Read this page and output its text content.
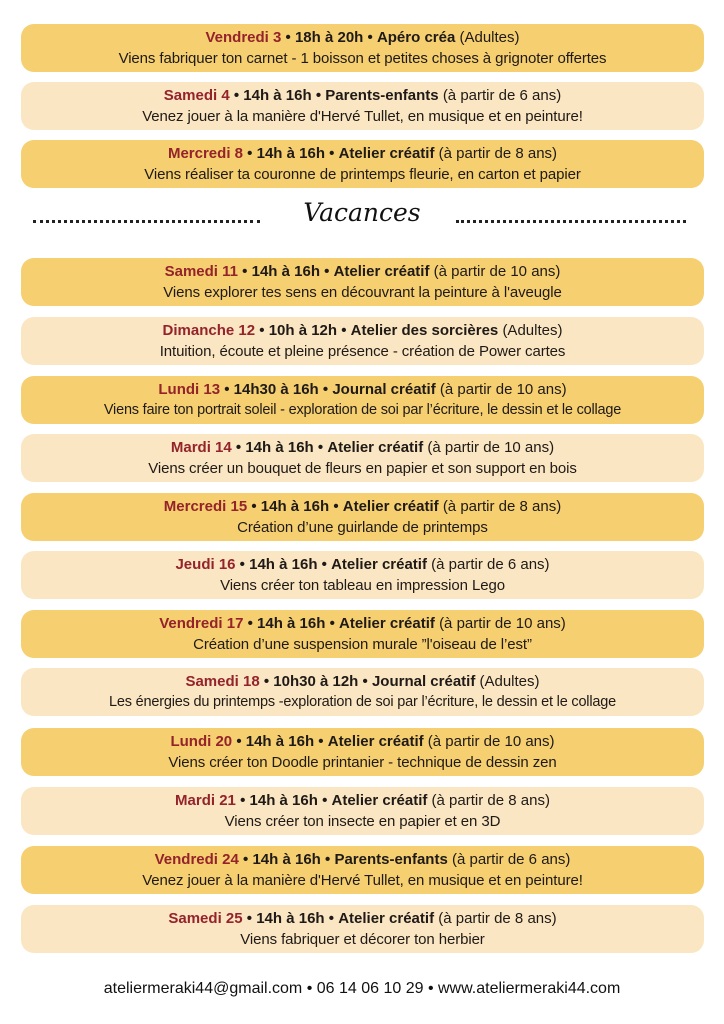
Vendredi 3 • 18h à 20h • Apéro créa (Adultes)
Viens fabriquer ton carnet - 1 boisson et petites choses à grignoter offertes
Samedi 4 • 14h à 16h • Parents-enfants (à partir de 6 ans)
Venez jouer à la manière d'Hervé Tullet, en musique et en peinture!
Mercredi 8 • 14h à 16h • Atelier créatif (à partir de 8 ans)
Viens réaliser ta couronne de printemps fleurie, en carton et papier
Vacances
Samedi 11 • 14h à 16h • Atelier créatif (à partir de 10 ans)
Viens explorer tes sens en découvrant la peinture à l'aveugle
Dimanche 12 • 10h à 12h • Atelier des sorcières (Adultes)
Intuition, écoute et pleine présence - création de Power cartes
Lundi 13 • 14h30 à 16h • Journal créatif (à partir de 10 ans)
Viens faire ton portrait soleil - exploration de soi par l’écriture, le dessin et le collage
Mardi 14 • 14h à 16h • Atelier créatif (à partir de 10 ans)
Viens créer un bouquet de fleurs en papier et son support en bois
Mercredi 15 • 14h à 16h • Atelier créatif (à partir de 8 ans)
Création d’une guirlande de printemps
Jeudi 16 • 14h à 16h • Atelier créatif (à partir de 6 ans)
Viens créer ton tableau en impression Lego
Vendredi 17 • 14h à 16h • Atelier créatif (à partir de 10 ans)
Création d’une suspension murale ”l'oiseau de l’est”
Samedi 18 • 10h30 à 12h • Journal créatif (Adultes)
Les énergies du printemps -exploration de soi par l’écriture, le dessin et le collage
Lundi 20 • 14h à 16h • Atelier créatif (à partir de 10 ans)
Viens créer ton Doodle printanier - technique de dessin zen
Mardi 21 • 14h à 16h • Atelier créatif (à partir de 8 ans)
Viens créer ton insecte en papier et en 3D
Vendredi 24 • 14h à 16h • Parents-enfants (à partir de 6 ans)
Venez jouer à la manière d'Hervé Tullet, en musique et en peinture!
Samedi 25 • 14h à 16h • Atelier créatif (à partir de 8 ans)
Viens fabriquer et décorer ton herbier
ateliermeraki44@gmail.com • 06 14 06 10 29 • www.ateliermeraki44.com
